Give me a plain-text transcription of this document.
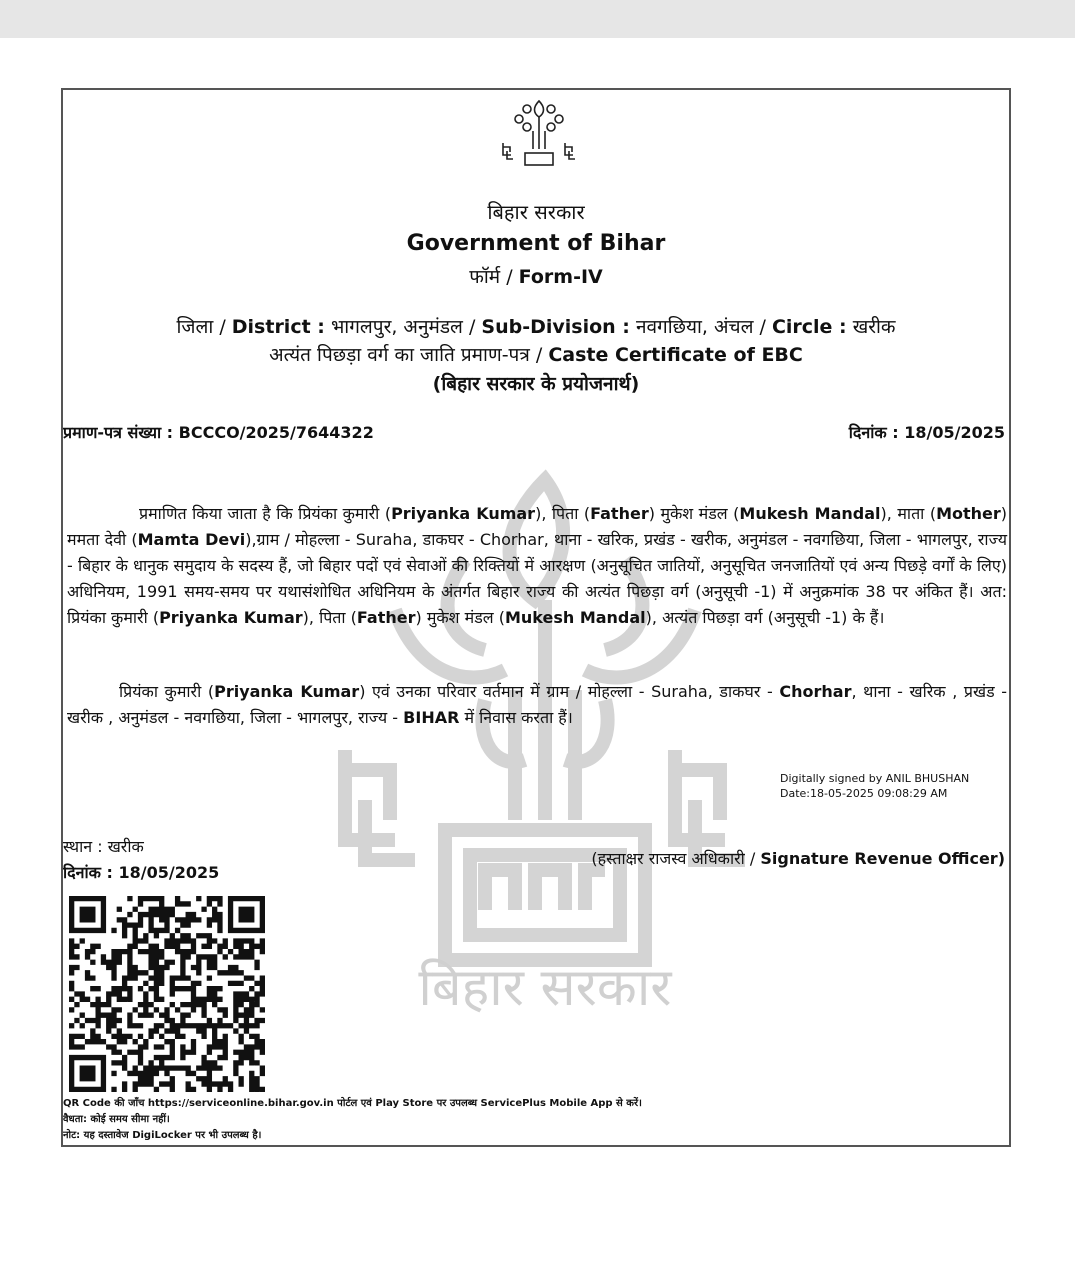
बिहार सरकार
बिहार सरकार
Government of Bihar
फॉर्म / Form-IV
जिला / District : भागलपुर, अनुमंडल / Sub-Division : नवगछिया, अंचल / Circle : खरीक
अत्यंत पिछड़ा वर्ग का जाति प्रमाण-पत्र / Caste Certificate of EBC
(बिहार सरकार के प्रयोजनार्थ)
प्रमाण-पत्र संख्या : BCCCO/2025/7644322	दिनांक : 18/05/2025

प्रमाणित किया जाता है कि प्रियंका कुमारी (Priyanka Kumar), पिता (Father) मुकेश मंडल (Mukesh Mandal), माता (Mother) ममता देवी (Mamta Devi),ग्राम / मोहल्ला - Suraha, डाकघर - Chorhar, थाना - खरिक, प्रखंड - खरीक, अनुमंडल - नवगछिया, जिला - भागलपुर, राज्य - बिहार के धानुक समुदाय के सदस्य हैं, जो बिहार पदों एवं सेवाओं की रिक्तियों में आरक्षण (अनुसूचित जातियों, अनुसूचित जनजातियों एवं अन्य पिछड़े वर्गों के लिए) अधिनियम, 1991 समय-समय पर यथासंशोधित अधिनियम के अंतर्गत बिहार राज्य की अत्यंत पिछड़ा वर्ग (अनुसूची -1) में अनुक्रमांक 38 पर अंकित हैं। अत: प्रियंका कुमारी (Priyanka Kumar), पिता (Father) मुकेश मंडल (Mukesh Mandal), अत्यंत पिछड़ा वर्ग (अनुसूची -1) के हैं।

प्रियंका कुमारी (Priyanka Kumar) एवं उनका परिवार वर्तमान में ग्राम / मोहल्ला - Suraha, डाकघर - Chorhar, थाना - खरिक , प्रखंड - खरीक , अनुमंडल - नवगछिया, जिला - भागलपुर, राज्य - BIHAR में निवास करता हैं।

Digitally signed by ANIL BHUSHAN
Date:18-05-2025 09:08:29 AM
स्थान : खरीक
दिनांक : 18/05/2025
(हस्ताक्षर राजस्व अधिकारी / Signature Revenue Officer)
QR Code की जाँच https://serviceonline.bihar.gov.in पोर्टल एवं Play Store पर उपलब्ध ServicePlus Mobile App से करें।
वैधता: कोई समय सीमा नहीं।
नोट: यह दस्तावेज DigiLocker पर भी उपलब्ध है।
